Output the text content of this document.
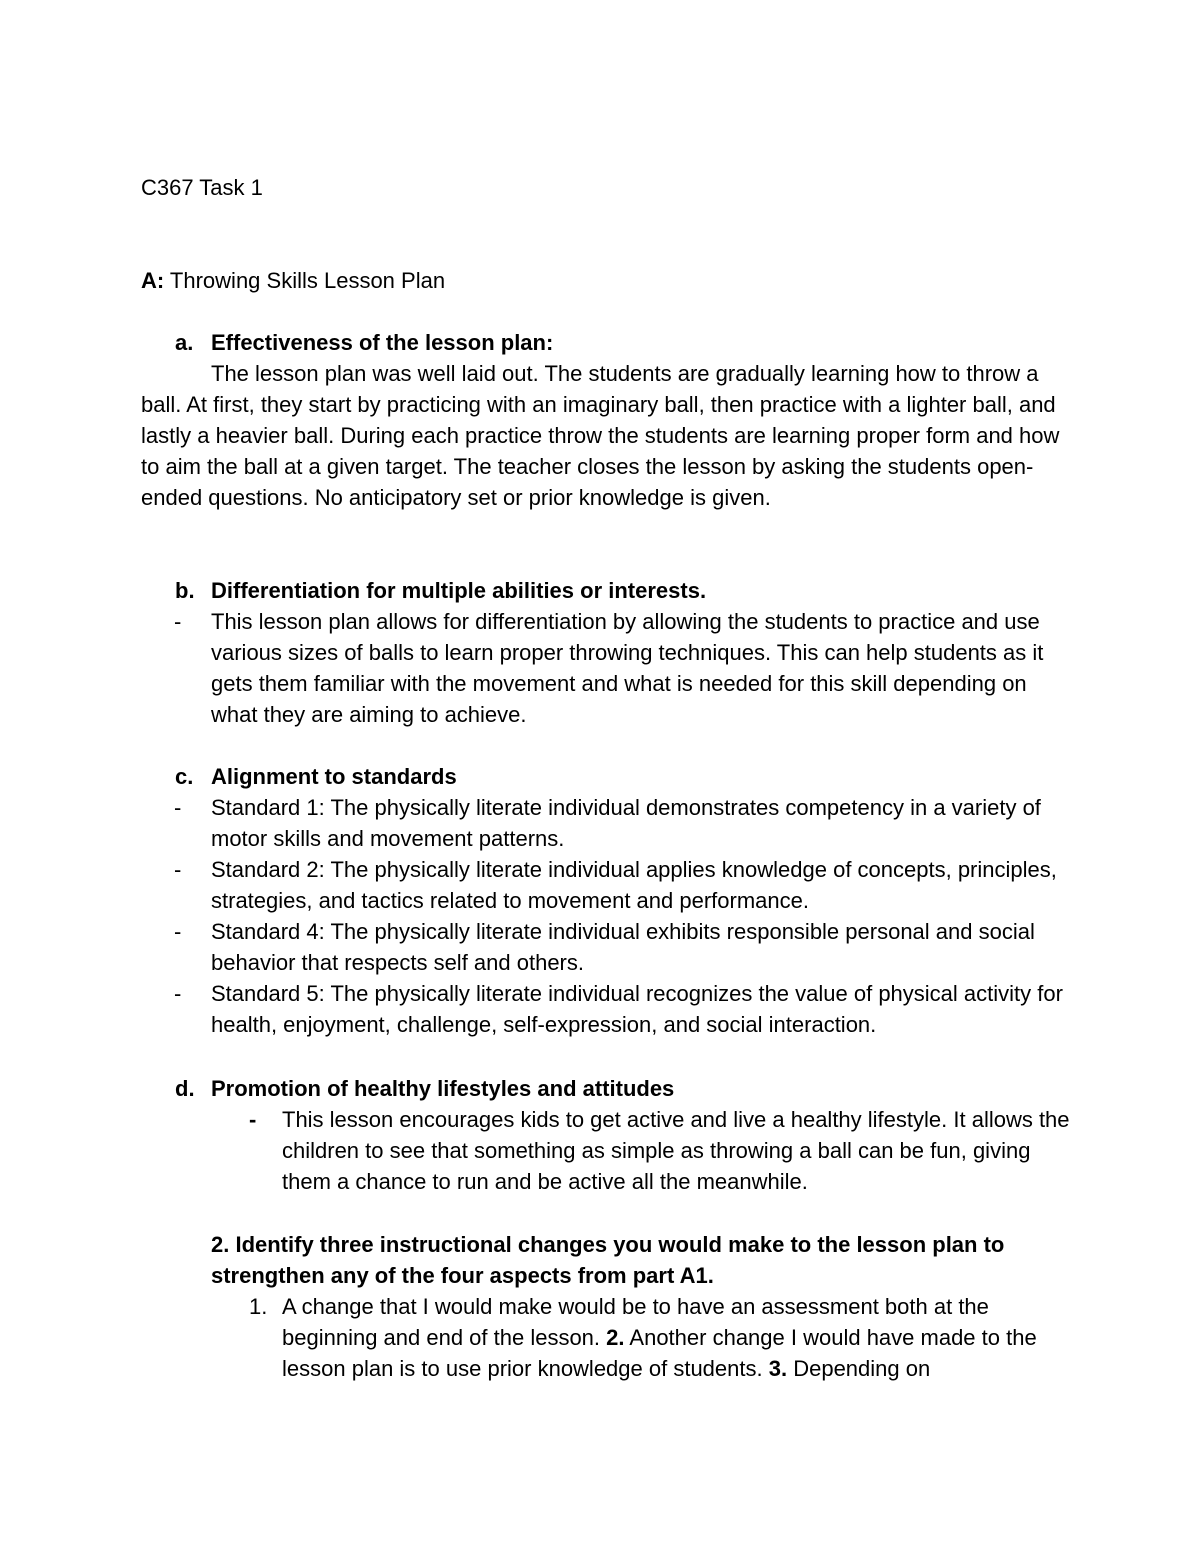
C367 Task 1
A: Throwing Skills Lesson Plan

a. Effectiveness of the lesson plan:

The lesson plan was well laid out. The students are gradually learning how to throw a ball. At first, they start by practicing with an imaginary ball, then practice with a lighter ball, and lastly a heavier ball. During each practice throw the students are learning proper form and how to aim the ball at a given target. The teacher closes the lesson by asking the students open-ended questions. No anticipatory set or prior knowledge is given.

b. Differentiation for multiple abilities or interests.

- This lesson plan allows for differentiation by allowing the students to practice and use various sizes of balls to learn proper throwing techniques. This can help students as it gets them familiar with the movement and what is needed for this skill depending on what they are aiming to achieve.

c. Alignment to standards

- Standard 1: The physically literate individual demonstrates competency in a variety of motor skills and movement patterns.

- Standard 2: The physically literate individual applies knowledge of concepts, principles, strategies, and tactics related to movement and performance.

- Standard 4: The physically literate individual exhibits responsible personal and social behavior that respects self and others.

- Standard 5: The physically literate individual recognizes the value of physical activity for health, enjoyment, challenge, self-expression, and social interaction.

d. Promotion of healthy lifestyles and attitudes

- This lesson encourages kids to get active and live a healthy lifestyle. It allows the children to see that something as simple as throwing a ball can be fun, giving them a chance to run and be active all the meanwhile.

2. Identify three instructional changes you would make to the lesson plan to strengthen any of the four aspects from part A1.

1. A change that I would make would be to have an assessment both at the beginning and end of the lesson. 2. Another change I would have made to the lesson plan is to use prior knowledge of students. 3. Depending on
